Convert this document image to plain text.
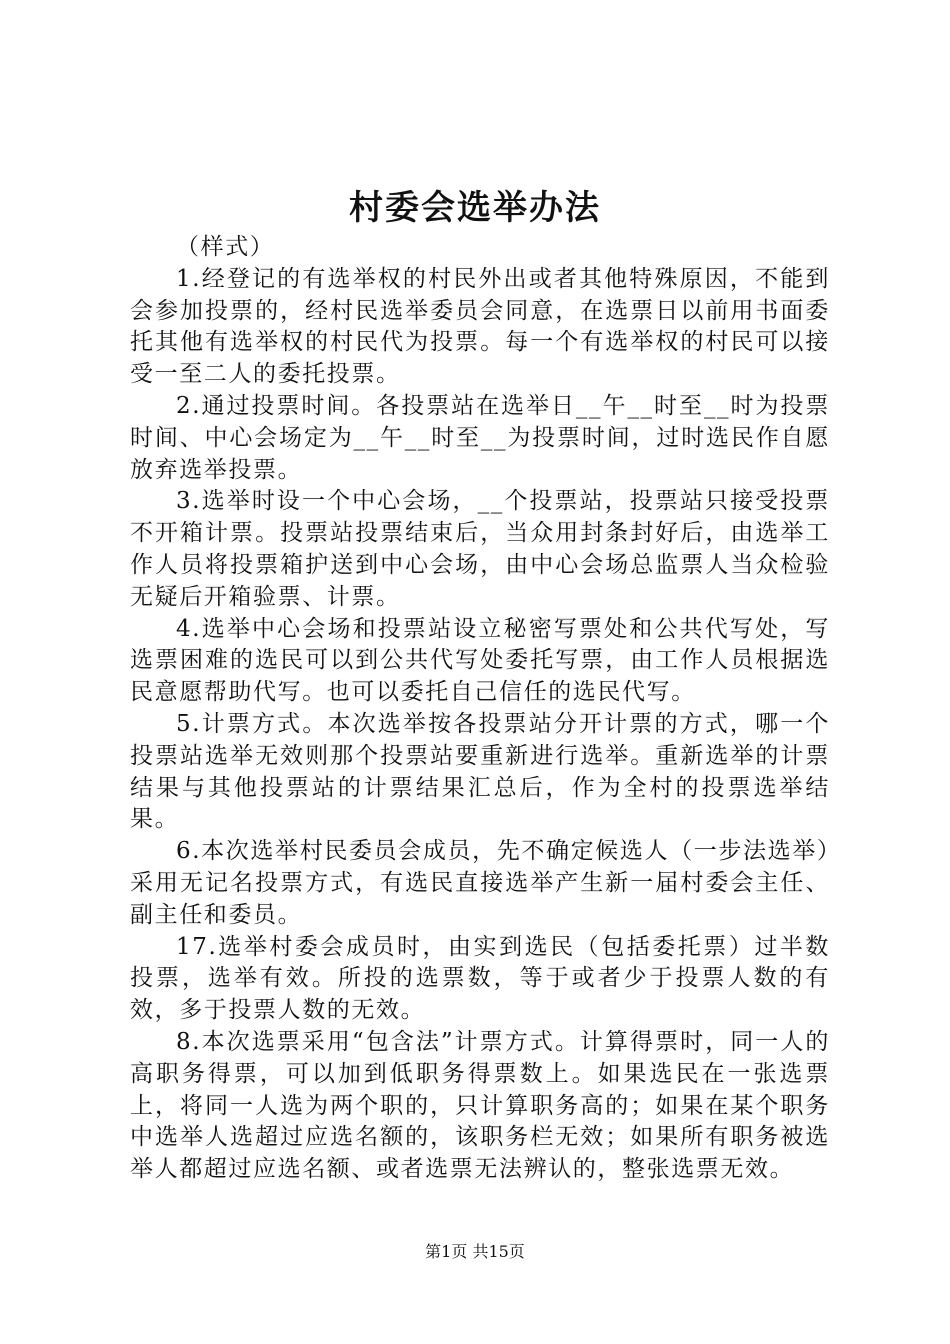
村委会选举办法

（样式）

1.经登记的有选举权的村民外出或者其他特殊原因，不能到会参加投票的，经村民选举委员会同意，在选票日以前用书面委托其他有选举权的村民代为投票。每一个有选举权的村民可以接受一至二人的委托投票。

2.通过投票时间。各投票站在选举日__午__时至__时为投票时间、中心会场定为__午__时至__为投票时间，过时选民作自愿放弃选举投票。

3.选举时设一个中心会场，__个投票站，投票站只接受投票不开箱计票。投票站投票结束后，当众用封条封好后，由选举工作人员将投票箱护送到中心会场，由中心会场总监票人当众检验无疑后开箱验票、计票。

4.选举中心会场和投票站设立秘密写票处和公共代写处，写选票困难的选民可以到公共代写处委托写票，由工作人员根据选民意愿帮助代写。也可以委托自己信任的选民代写。

5.计票方式。本次选举按各投票站分开计票的方式，哪一个投票站选举无效则那个投票站要重新进行选举。重新选举的计票结果与其他投票站的计票结果汇总后，作为全村的投票选举结果。

6.本次选举村民委员会成员，先不确定候选人（一步法选举）采用无记名投票方式，有选民直接选举产生新一届村委会主任、副主任和委员。

17.选举村委会成员时，由实到选民（包括委托票）过半数投票，选举有效。所投的选票数，等于或者少于投票人数的有效，多于投票人数的无效。

8.本次选票采用“包含法”计票方式。计算得票时，同一人的高职务得票，可以加到低职务得票数上。如果选民在一张选票上，将同一人选为两个职的，只计算职务高的；如果在某个职务中选举人选超过应选名额的，该职务栏无效；如果所有职务被选举人都超过应选名额、或者选票无法辨认的，整张选票无效。

第1页 共15页
